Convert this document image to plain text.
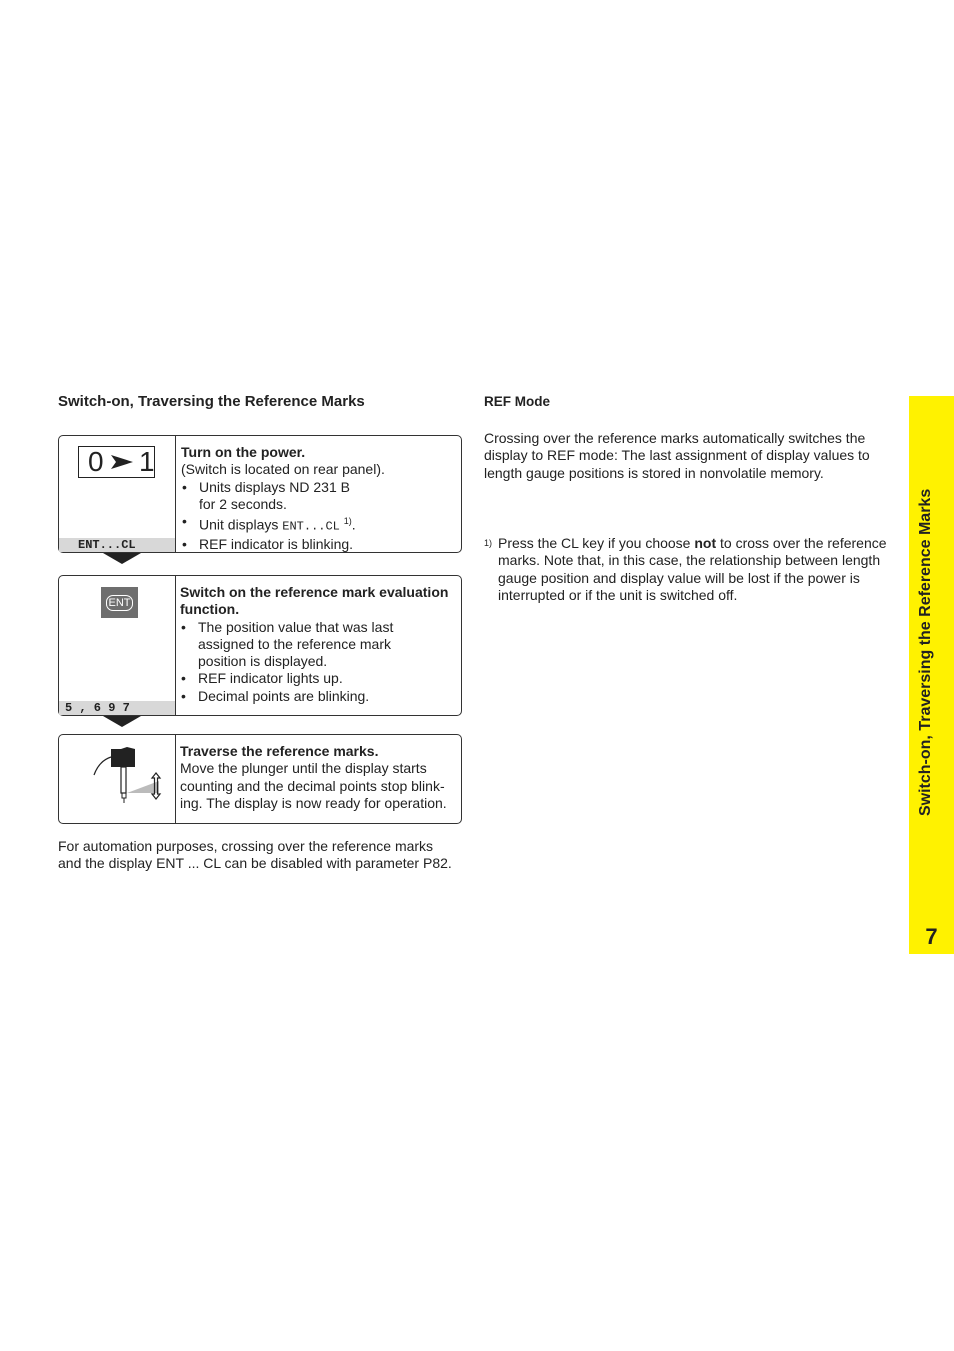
Switch-on, Traversing the Reference Marks
0 1
ENT...CL
Turn on the power.
(Switch is located on rear panel).
• Units displays ND 231 B
for 2 seconds.
• Unit displays ENT...CL $^{1)}$.
• REF indicator is blinking.
ENT
5 , 6 9 7
Switch on the reference mark evaluation function.
• The position value that was last assigned to the reference mark position is displayed.
• REF indicator lights up.
• Decimal points are blinking.
Traverse the reference marks.
Move the plunger until the display starts counting and the decimal points stop blink-ing. The display is now ready for operation.
For automation purposes, crossing over the reference marks and the display ENT ... CL can be disabled with parameter P82.
REF Mode
Crossing over the reference marks automatically switches the display to REF mode: The last assignment of display values to length gauge positions is stored in nonvolatile memory.
1) Press the CL key if you choose not to cross over the reference marks. Note that, in this case, the relationship between length gauge position and display value will be lost if the power is interrupted or if the unit is switched off.	Switch-on, Traversing the Reference Marks
7
